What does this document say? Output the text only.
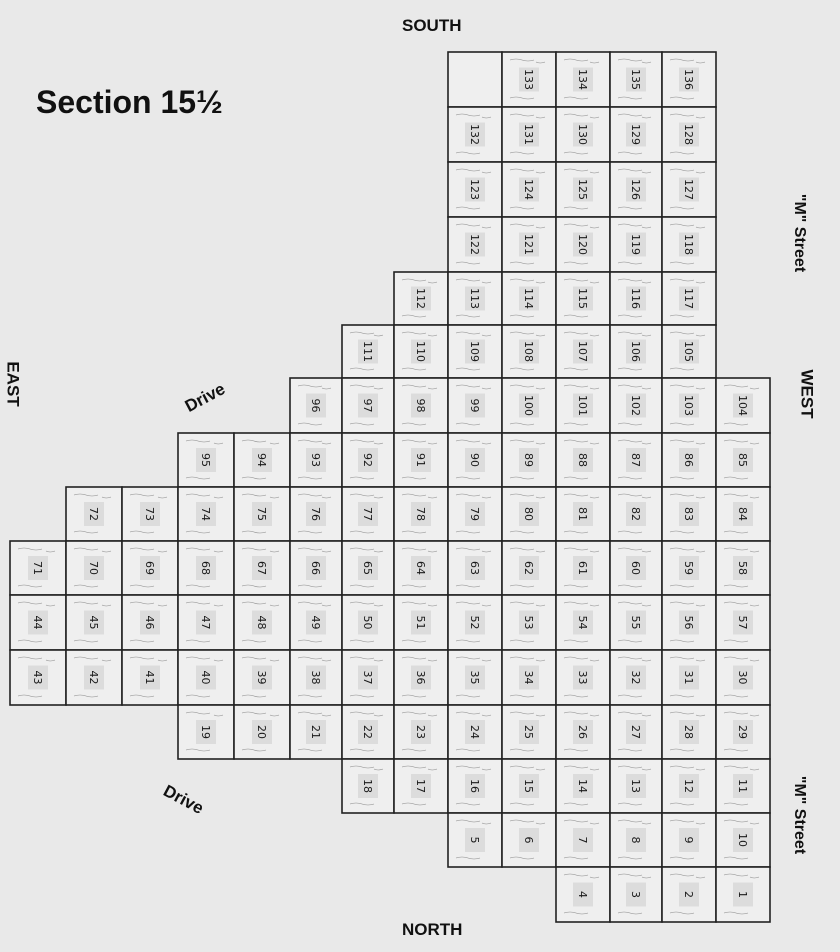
Section 15½
SOUTH
NORTH
EAST	WEST
"M" Street
"M" Street
Drive
Drive
133	134	135	136
132	131	130	129	128
123	124	125	126	127
122	121	120	119	118
112	113	114	115	116	117
111	110	109	108	107	106	105
96	97	98	99	100	101	102	103	104
95	94	93	92	91	90	89	88	87	86	85
72	73	74	75	76	77	78	79	80	81	82	83	84
71	70	69	68	67	66	65	64	63	62	61	60	59	58
44	45	46	47	48	49	50	51	52	53	54	55	56	57
43	42	41	40	39	38	37	36	35	34	33	32	31	30
19	20	21	22	23	24	25	26	27	28	29
18	17	16	15	14	13	12	11
5	6	7	8	9	10
4	3	2	1
